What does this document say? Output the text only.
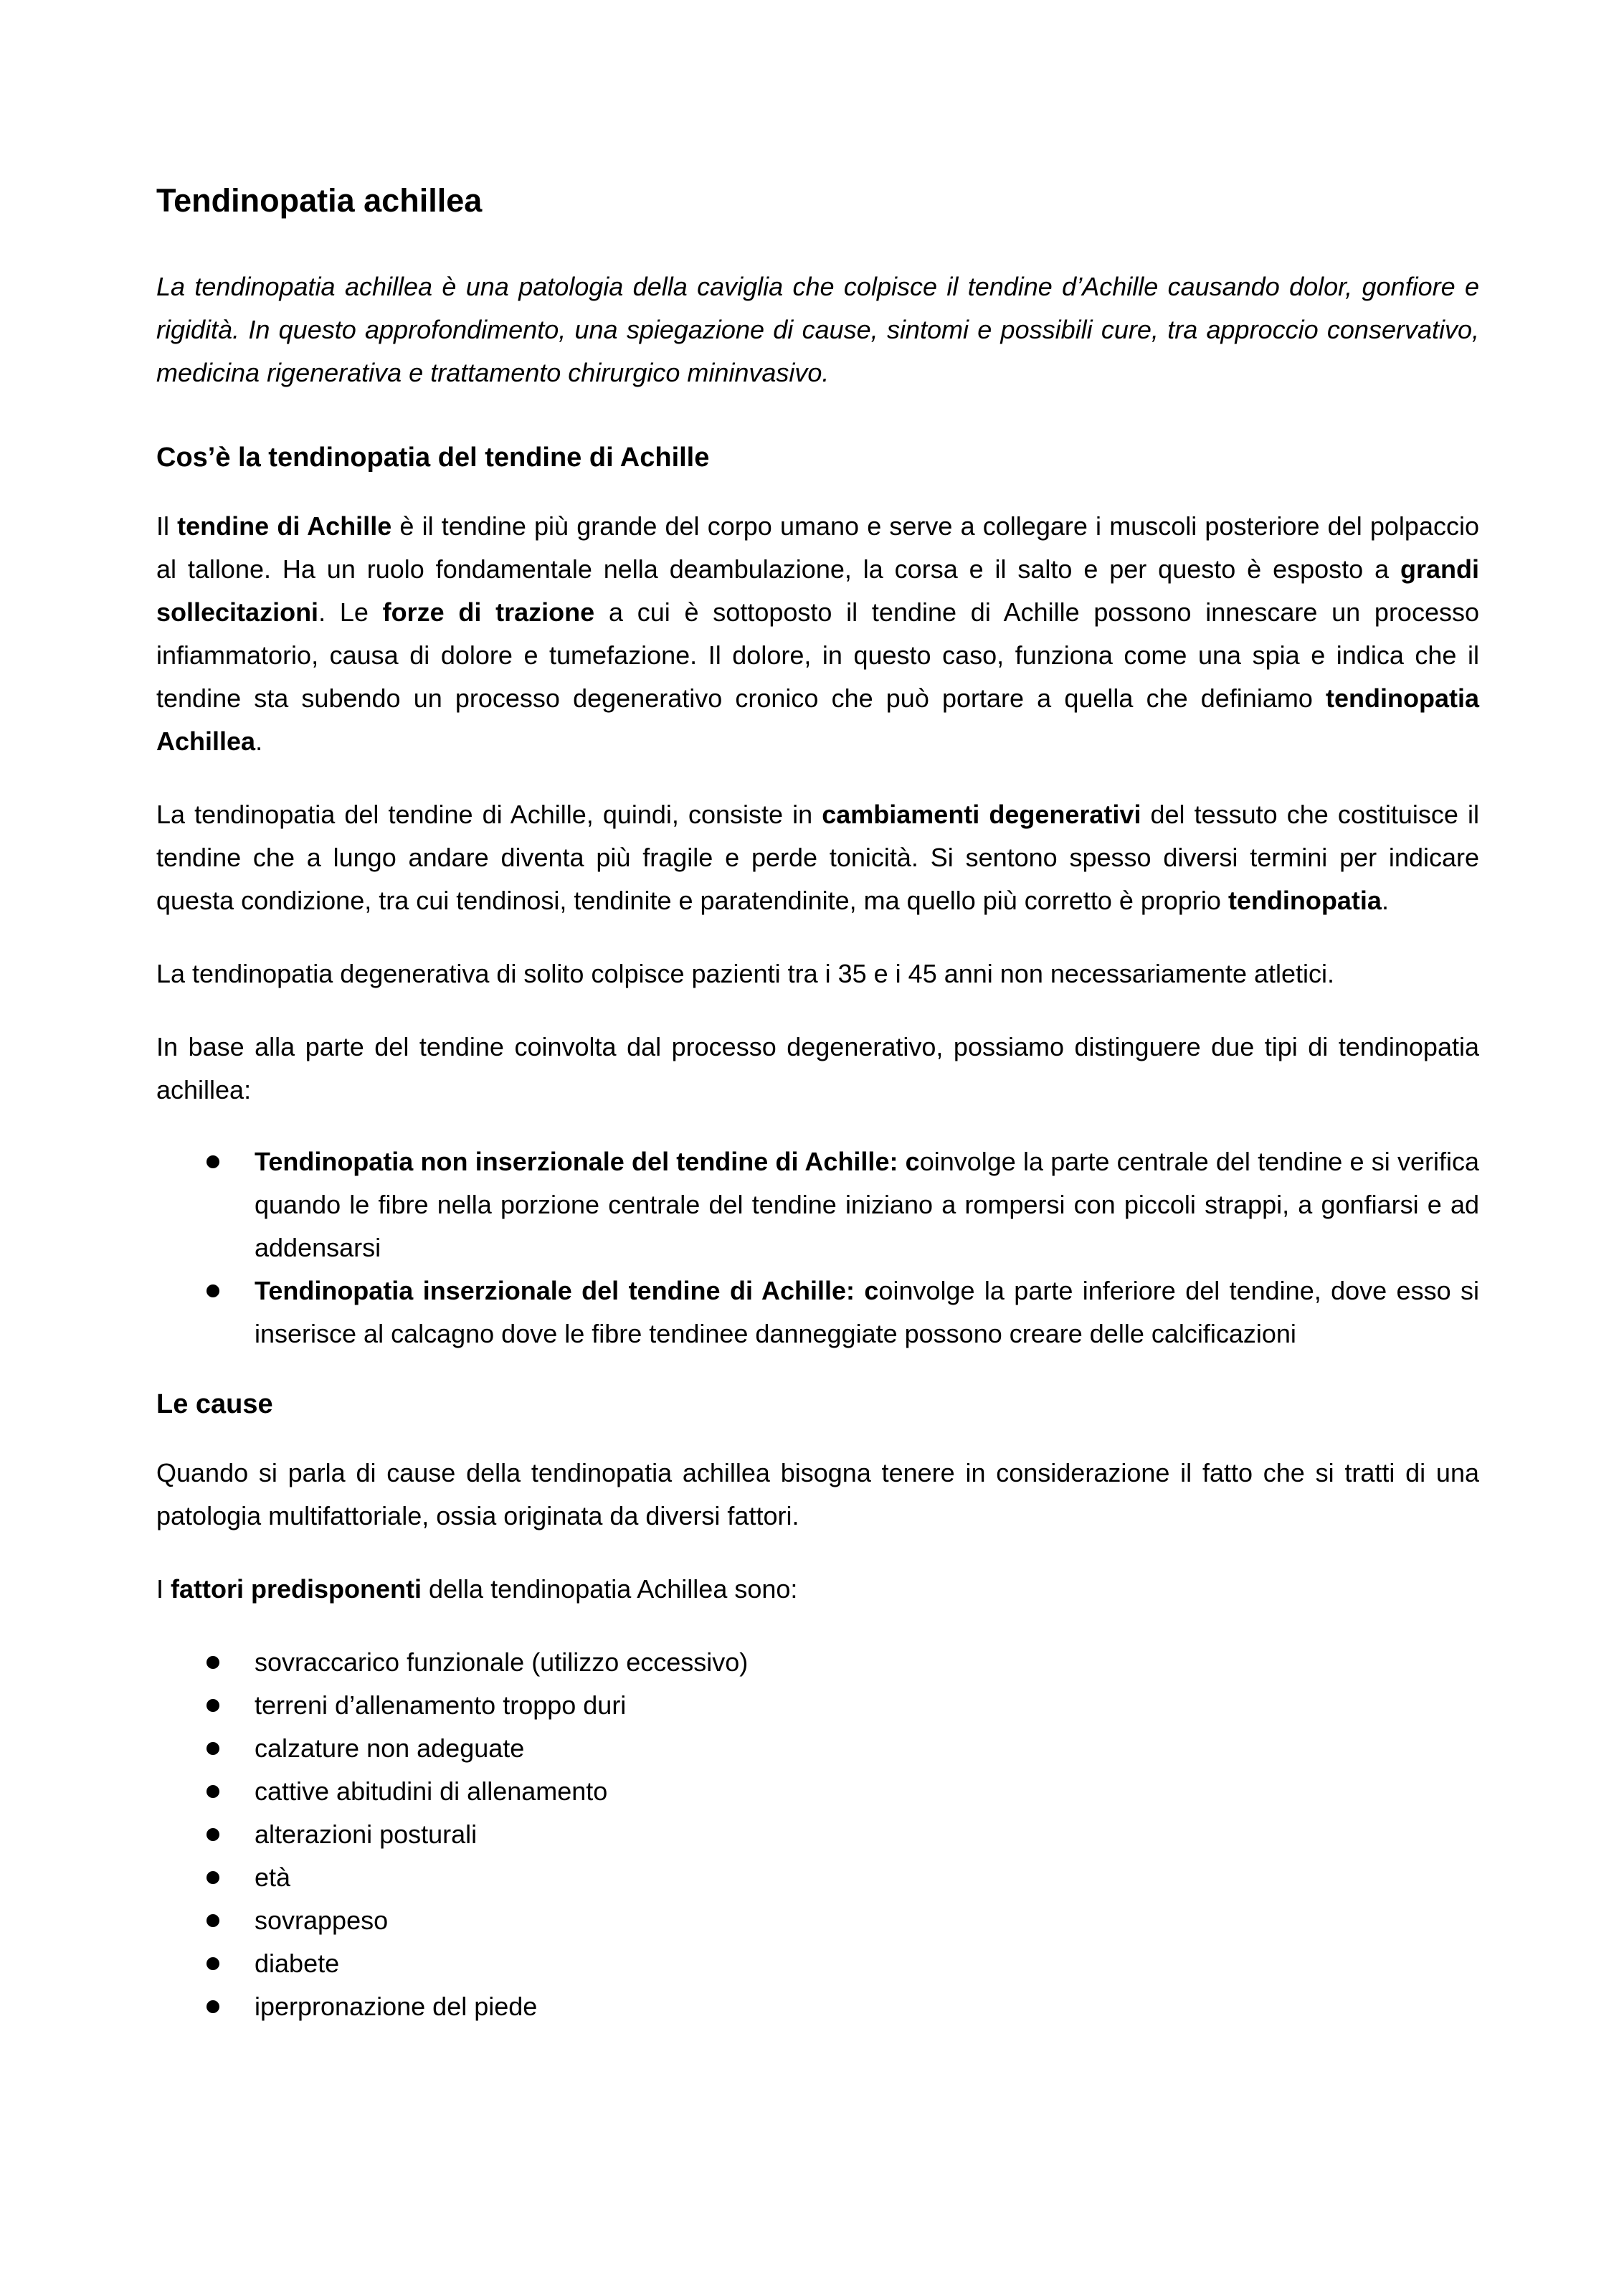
Tendinopatia achillea

La tendinopatia achillea è una patologia della caviglia che colpisce il tendine d’Achille causando dolor, gonfiore e rigidità. In questo approfondimento, una spiegazione di cause, sintomi e possibili cure, tra approccio conservativo, medicina rigenerativa e trattamento chirurgico mininvasivo.

Cos’è la tendinopatia del tendine di Achille

Il tendine di Achille è il tendine più grande del corpo umano e serve a collegare i muscoli posteriore del polpaccio al tallone. Ha un ruolo fondamentale nella deambulazione, la corsa e il salto e per questo è esposto a grandi sollecitazioni. Le forze di trazione a cui è sottoposto il tendine di Achille possono innescare un processo infiammatorio, causa di dolore e tumefazione. Il dolore, in questo caso, funziona come una spia e indica che il tendine sta subendo un processo degenerativo cronico che può portare a quella che definiamo tendinopatia Achillea.

La tendinopatia del tendine di Achille, quindi, consiste in cambiamenti degenerativi del tessuto che costituisce il tendine che a lungo andare diventa più fragile e perde tonicità. Si sentono spesso diversi termini per indicare questa condizione, tra cui tendinosi, tendinite e paratendinite, ma quello più corretto è proprio tendinopatia.

La tendinopatia degenerativa di solito colpisce pazienti tra i 35 e i 45 anni non necessariamente atletici.

In base alla parte del tendine coinvolta dal processo degenerativo, possiamo distinguere due tipi di tendinopatia achillea:

Tendinopatia non inserzionale del tendine di Achille: coinvolge la parte centrale del tendine e si verifica quando le fibre nella porzione centrale del tendine iniziano a rompersi con piccoli strappi, a gonfiarsi e ad addensarsi
Tendinopatia inserzionale del tendine di Achille: coinvolge la parte inferiore del tendine, dove esso si inserisce al calcagno dove le fibre tendinee danneggiate possono creare delle calcificazioni
Le cause

Quando si parla di cause della tendinopatia achillea bisogna tenere in considerazione il fatto che si tratti di una patologia multifattoriale, ossia originata da diversi fattori.

I fattori predisponenti della tendinopatia Achillea sono:

sovraccarico funzionale (utilizzo eccessivo)
terreni d’allenamento troppo duri
calzature non adeguate
cattive abitudini di allenamento
alterazioni posturali
età
sovrappeso
diabete
iperpronazione del piede
